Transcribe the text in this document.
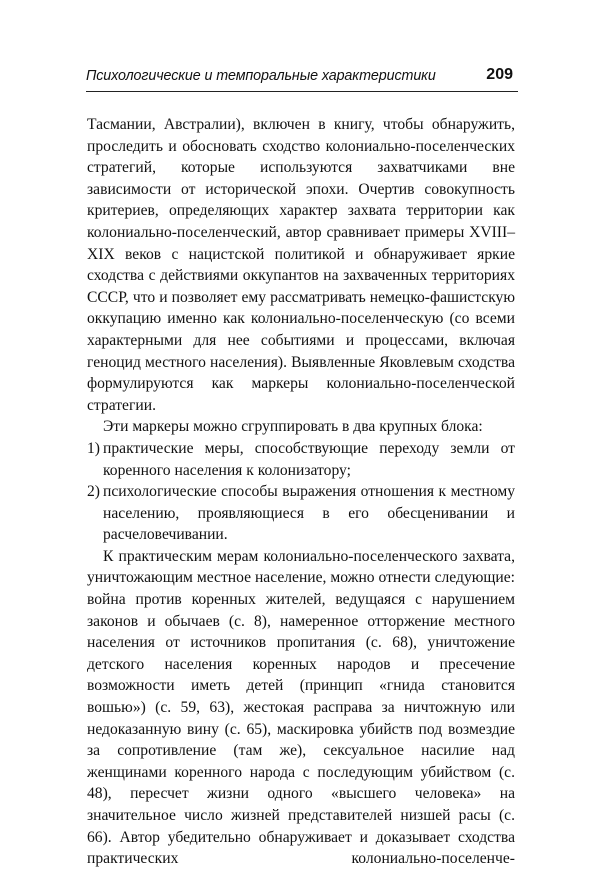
Психологические и темпоральные характеристики	209

Тасмании, Австралии), включен в книгу, чтобы обнаружить, проследить и обосновать сходство колониально-поселенческих стратегий, которые используются захватчиками вне зависимости от исторической эпохи. Очертив совокупность критериев, определяющих характер захвата территории как колониально-поселенческий, автор сравнивает примеры XVIII–XIX веков с нацистской политикой и обнаруживает яркие сходства с действиями оккупантов на захваченных территориях СССР, что и позволяет ему рассматривать немецко-фашистскую оккупацию именно как колониально-поселенческую (со всеми характерными для нее событиями и процессами, включая геноцид местного населения). Выявленные Яковлевым сходства формулируются как маркеры колониально-поселенческой стратегии.

Эти маркеры можно сгруппировать в два крупных блока:

1) практические меры, способствующие переходу земли от коренного населения к колонизатору;
2) психологические способы выражения отношения к местному населению, проявляющиеся в его обесценивании и расчеловечивании.

К практическим мерам колониально-поселенческого захвата, уничтожающим местное население, можно отнести следующие: война против коренных жителей, ведущаяся с нарушением законов и обычаев (с. 8), намеренное отторжение местного населения от источников пропитания (с. 68), уничтожение детского населения коренных народов и пресечение возможности иметь детей (принцип «гнида становится вошью») (с. 59, 63), жестокая расправа за ничтожную или недоказанную вину (с. 65), маскировка убийств под возмездие за сопротивление (там же), сексуальное насилие над женщинами коренного народа с последующим убийством (с. 48), пересчет жизни одного «высшего человека» на значительное число жизней представителей низшей расы (с. 66). Автор убедительно обнаруживает и доказывает сходства практических колониально-поселенче-
